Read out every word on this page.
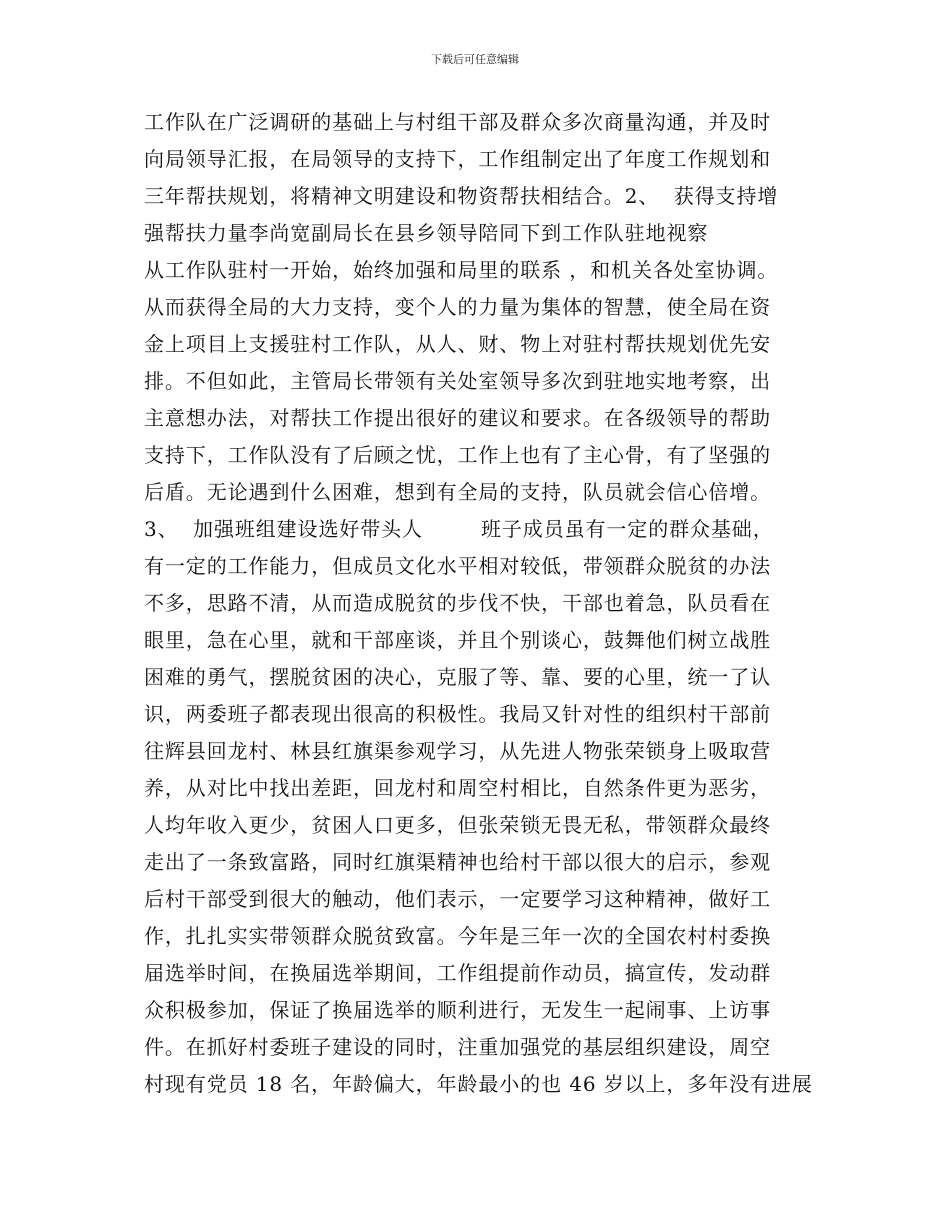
下载后可任意编辑
工作队在广泛调研的基础上与村组干部及群众多次商量沟通，并及时
向局领导汇报，在局领导的支持下，工作组制定出了年度工作规划和
三年帮扶规划，将精神文明建设和物资帮扶相结合。2、  获得支持增
强帮扶力量李尚宽副局长在县乡领导陪同下到工作队驻地视察
从工作队驻村一开始，始终加强和局里的联系 ，和机关各处室协调。
从而获得全局的大力支持，变个人的力量为集体的智慧，使全局在资
金上项目上支援驻村工作队，从人、财、物上对驻村帮扶规划优先安
排。不但如此，主管局长带领有关处室领导多次到驻地实地考察，出
主意想办法，对帮扶工作提出很好的建议和要求。在各级领导的帮助
支持下，工作队没有了后顾之忧，工作上也有了主心骨，有了坚强的
后盾。无论遇到什么困难，想到有全局的支持，队员就会信心倍增。
3、  加强班组建设选好带头人        班子成员虽有一定的群众基础，
有一定的工作能力，但成员文化水平相对较低，带领群众脱贫的办法
不多，思路不清，从而造成脱贫的步伐不快，干部也着急，队员看在
眼里，急在心里，就和干部座谈，并且个别谈心，鼓舞他们树立战胜
困难的勇气，摆脱贫困的决心，克服了等、靠、要的心里，统一了认
识，两委班子都表现出很高的积极性。我局又针对性的组织村干部前
往辉县回龙村、林县红旗渠参观学习，从先进人物张荣锁身上吸取营
养，从对比中找出差距，回龙村和周空村相比，自然条件更为恶劣，
人均年收入更少，贫困人口更多，但张荣锁无畏无私，带领群众最终
走出了一条致富路，同时红旗渠精神也给村干部以很大的启示，参观
后村干部受到很大的触动，他们表示，一定要学习这种精神，做好工
作，扎扎实实带领群众脱贫致富。今年是三年一次的全国农村村委换
届选举时间，在换届选举期间，工作组提前作动员，搞宣传，发动群
众积极参加，保证了换届选举的顺利进行，无发生一起闹事、上访事
件。在抓好村委班子建设的同时，注重加强党的基层组织建设，周空
村现有党员 18 名，年龄偏大，年龄最小的也 46 岁以上，多年没有进展
